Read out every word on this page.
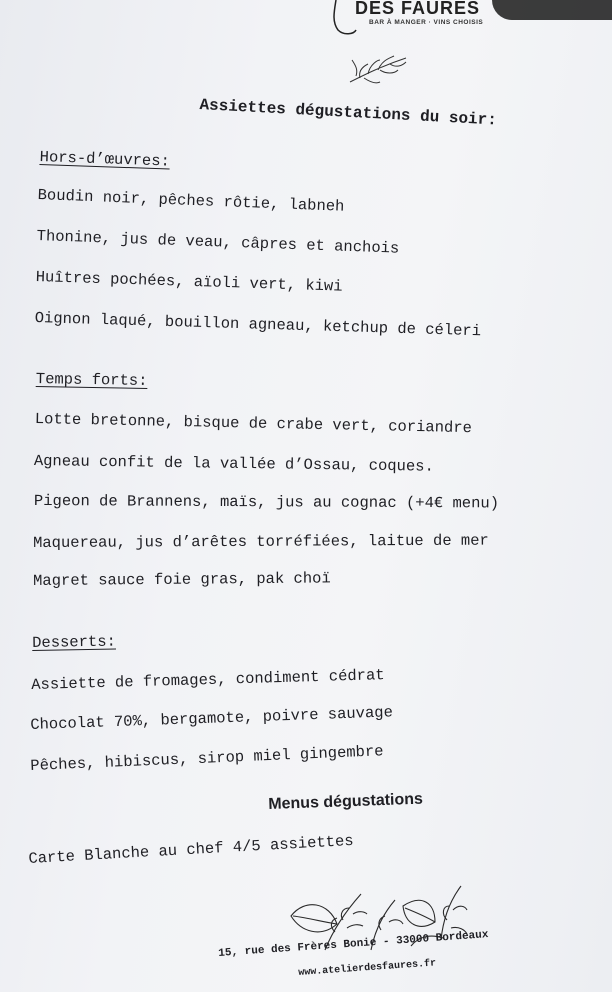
DES FAURES
BAR À MANGER · VINS CHOISIS
Assiettes dégustations du soir:
Hors-d’œuvres:
Boudin noir, pêches rôtie, labneh
Thonine, jus de veau, câpres et anchois
Huîtres pochées, aïoli vert, kiwi
Oignon laqué, bouillon agneau, ketchup de céleri
Temps forts:
Lotte bretonne, bisque de crabe vert, coriandre
Agneau confit de la vallée d’Ossau, coques.
Pigeon de Brannens, maïs, jus au cognac (+4€ menu)
Maquereau, jus d’arêtes torréfiées, laitue de mer
Magret sauce foie gras, pak choï
Desserts:
Assiette de fromages, condiment cédrat
Chocolat 70%, bergamote, poivre sauvage
Pêches, hibiscus, sirop miel gingembre
Menus dégustations
Carte Blanche au chef 4/5 assiettes
15, rue des Frères Bonie - 33000 Bordeaux
www.atelierdesfaures.fr
